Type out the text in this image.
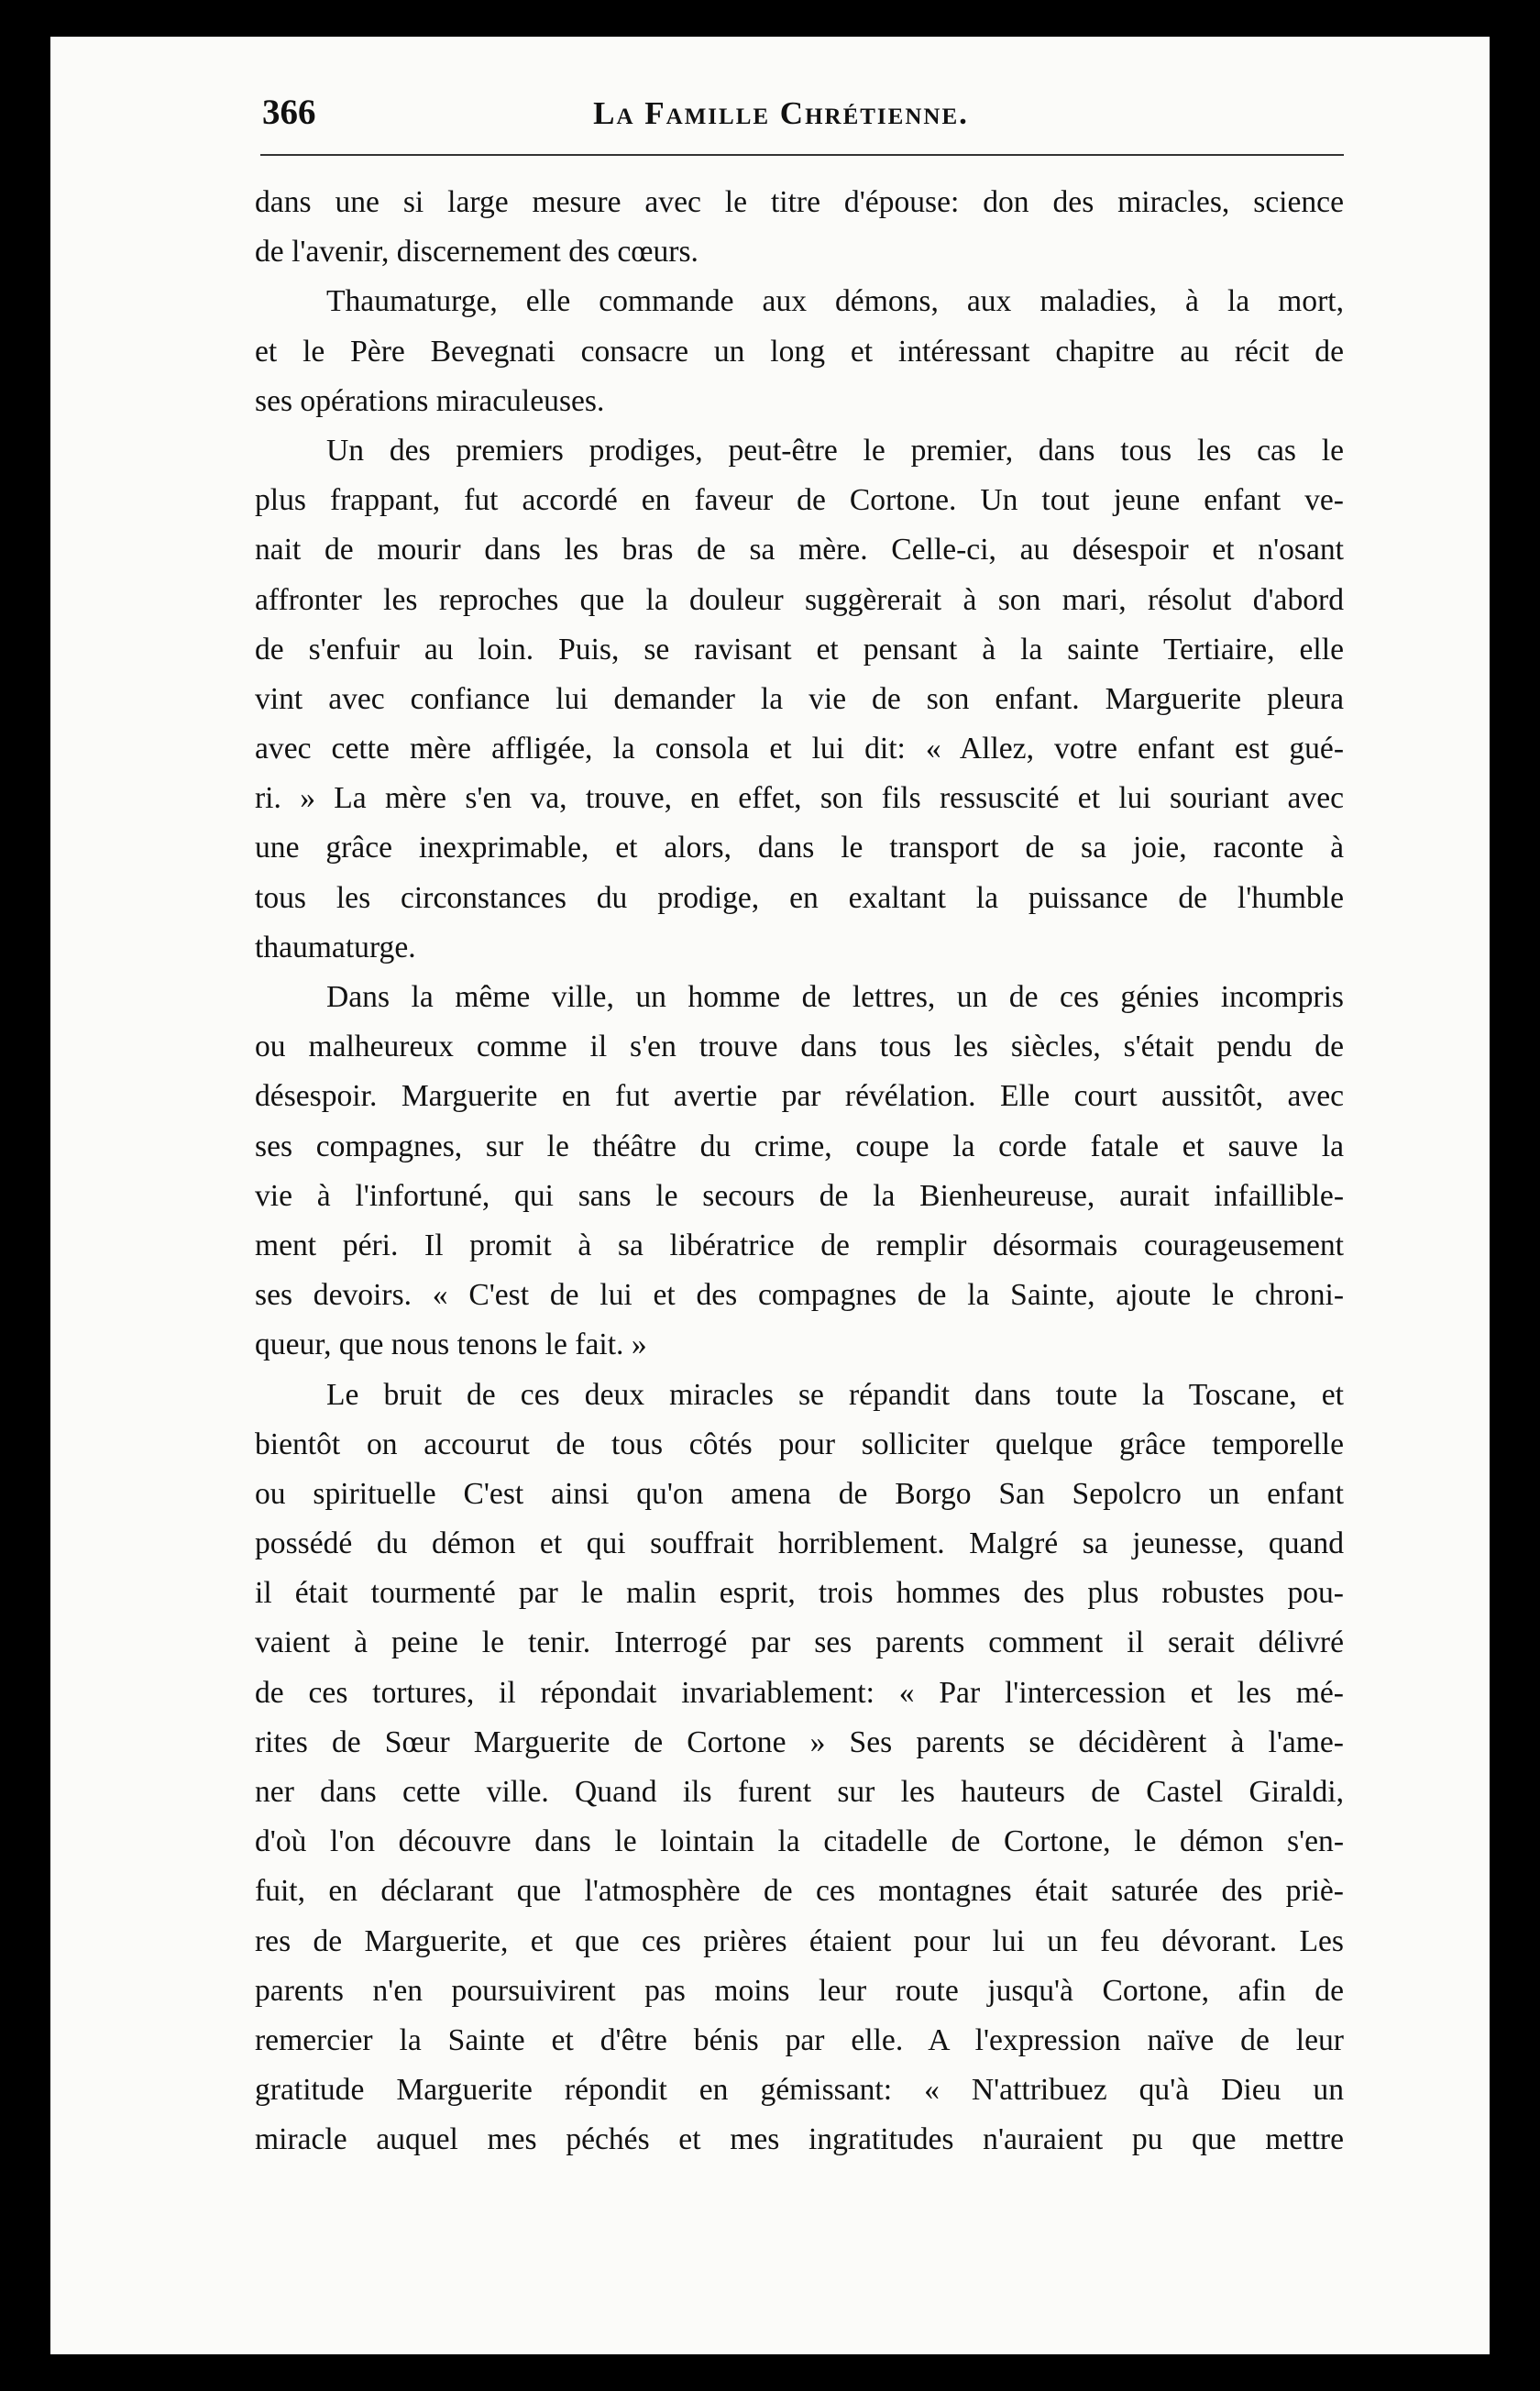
366	La Famille Chrétienne.
dans une si large mesure avec le titre d'épouse: don des miracles, science
de l'avenir, discernement des cœurs.
Thaumaturge, elle commande aux démons, aux maladies, à la mort,
et le Père Bevegnati consacre un long et intéressant chapitre au récit de
ses opérations miraculeuses.
Un des premiers prodiges, peut-être le premier, dans tous les cas le
plus frappant, fut accordé en faveur de Cortone. Un tout jeune enfant ve-
nait de mourir dans les bras de sa mère. Celle-ci, au désespoir et n'osant
affronter les reproches que la douleur suggèrerait à son mari, résolut d'abord
de s'enfuir au loin. Puis, se ravisant et pensant à la sainte Tertiaire, elle
vint avec confiance lui demander la vie de son enfant. Marguerite pleura
avec cette mère affligée, la consola et lui dit: « Allez, votre enfant est gué-
ri. » La mère s'en va, trouve, en effet, son fils ressuscité et lui souriant avec
une grâce inexprimable, et alors, dans le transport de sa joie, raconte à
tous les circonstances du prodige, en exaltant la puissance de l'humble
thaumaturge.
Dans la même ville, un homme de lettres, un de ces génies incompris
ou malheureux comme il s'en trouve dans tous les siècles, s'était pendu de
désespoir. Marguerite en fut avertie par révélation. Elle court aussitôt, avec
ses compagnes, sur le théâtre du crime, coupe la corde fatale et sauve la
vie à l'infortuné, qui sans le secours de la Bienheureuse, aurait infailliblе-
ment péri. Il promit à sa libératrice de remplir désormais courageusement
ses devoirs. « C'est de lui et des compagnes de la Sainte, ajoute le chroni-
queur, que nous tenons le fait. »
Le bruit de ces deux miracles se répandit dans toute la Toscane, et
bientôt on accourut de tous côtés pour solliciter quelque grâce temporelle
ou spirituelle C'est ainsi qu'on amena de Borgo San Sepolcro un enfant
possédé du démon et qui souffrait horriblement. Malgré sa jeunesse, quand
il était tourmenté par le malin esprit, trois hommes des plus robustes pou-
vaient à peine le tenir. Interrogé par ses parents comment il serait délivré
de ces tortures, il répondait invariablement: « Par l'intercession et les mé-
rites de Sœur Marguerite de Cortone » Ses parents se décidèrent à l'ame-
ner dans cette ville. Quand ils furent sur les hauteurs de Castel Giraldi,
d'où l'on découvre dans le lointain la citadelle de Cortone, le démon s'en-
fuit, en déclarant que l'atmosphère de ces montagnes était saturée des priè-
res de Marguerite, et que ces prières étaient pour lui un feu dévorant. Les
parents n'en poursuivirent pas moins leur route jusqu'à Cortone, afin de
remercier la Sainte et d'être bénis par elle. A l'expression naïve de leur
gratitude Marguerite répondit en gémissant: « N'attribuez qu'à Dieu un
miracle auquel mes péchés et mes ingratitudes n'auraient pu que mettre
